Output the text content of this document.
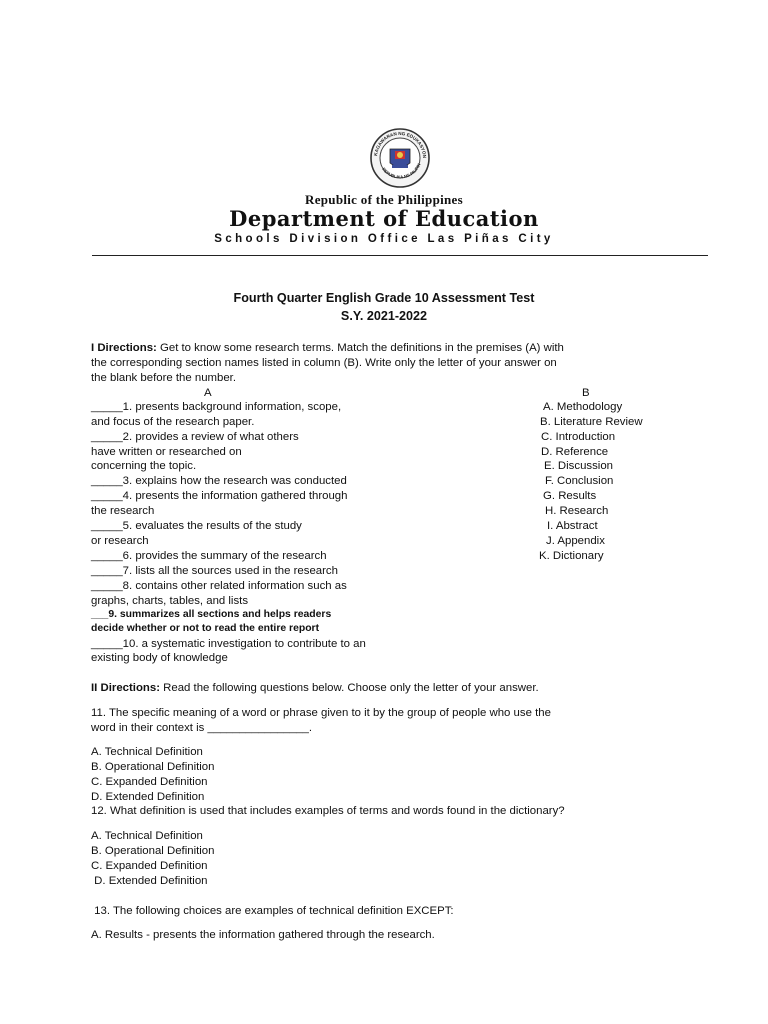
KAGAWARAN NG EDUKASYON
REPUBLIKA NG PILIPIN
Republic of the Philippines
Department of Education
Schools Division Office Las Piñas City
Fourth Quarter English Grade 10 Assessment Test
S.Y. 2021-2022
I Directions: Get to know some research terms. Match the definitions in the premises (A) with
the corresponding section names listed in column (B). Write only the letter of your answer on
the blank before the number.
A	B
_____1. presents background information, scope,
and focus of the research paper.
_____2. provides a review of what others
have written or researched on
concerning the topic.
_____3. explains how the research was conducted
_____4. presents the information gathered through
the research
_____5. evaluates the results of the study
or research
_____6. provides the summary of the research
_____7. lists all the sources used in the research
_____8. contains other related information such as
graphs, charts, tables, and lists
___9. summarizes all sections and helps readers
decide whether or not to read the entire report
_____10. a systematic investigation to contribute to an
existing body of knowledge
A. Methodology
B. Literature Review
C. Introduction
D. Reference
E. Discussion
F. Conclusion
G. Results
H. Research
I. Abstract
J. Appendix
K. Dictionary
II Directions: Read the following questions below. Choose only the letter of your answer.
11. The specific meaning of a word or phrase given to it by the group of people who use the
word in their context is ________________.
A. Technical Definition
B. Operational Definition
C. Expanded Definition
D. Extended Definition
12. What definition is used that includes examples of terms and words found in the dictionary?
A. Technical Definition
B. Operational Definition
C. Expanded Definition
D. Extended Definition
13. The following choices are examples of technical definition EXCEPT:
A. Results - presents the information gathered through the research.
